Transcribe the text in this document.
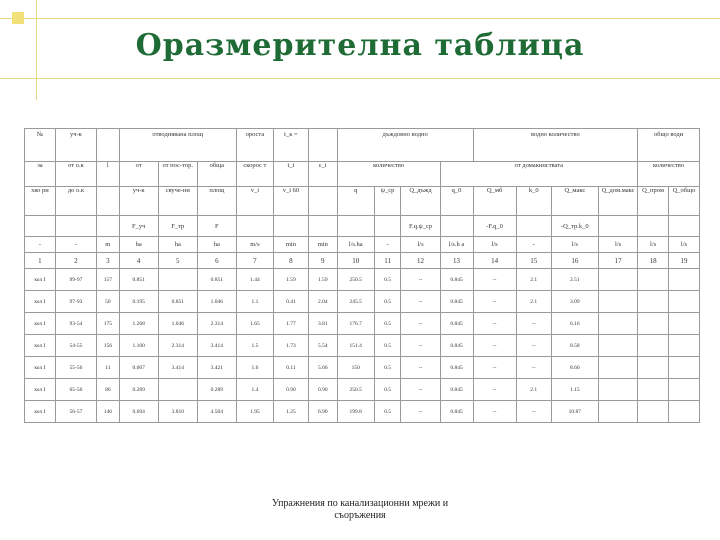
Оразмерителна таблица
№	уч-к		отводнявана площ			ороста	t_к =		дъждовно водно				водно количество				общо води	
за	от о.к	l	от	от пос-тор.	обща	скорос т	t_i	ε_i	количество			от домакинствата					количество	
хко ри	до о.к		уч-к	свуче-ни	площ	v_i	v_i 60		q	ψ_cp	Q_дъжд	q_0	Q_мб	k_0	Q_макс	Q_дом.макс	Q_пром	Q_общо
			F_уч	F_тр	F						F.q.ψ_ср		-F.q_0		-Q_тр.k_0			
-	-	m	ha	ha	ha	m/s	min	min	l/s.ha	-	l/s	l/s.h a	l/s	-	l/s	l/s	l/s	l/s
1	2	3	4	5	6	7	8	9	10	11	12	13	14	15	16	17	18	19
кол I	99-97	157	0.851		0.851	1.44	1.59	1.59	250.5	0.5	--	0.845	--	2.1	2.51			
кол I	97-93	50	0.195	0.851	1.046	1.1	0.41	2.04	245.5	0.5	--	0.845	--	2.1	3.09			
кол I	93-54	175	1.268	1.046	2.314	1.65	1.77	3.81	176.7	0.5	--	0.845	--	--	6.16			
кол I	54-55	156	1.100	2.314	3.414	1.5	1.73	5.54	151.4	0.5	--	0.845	--	--	8.58			
кол I	55-56	11	0.007	3.414	3.421	1.6	0.11	5.66	150	0.5	--	0.845	--	--	8.60			
кол I	65-56	86	0.289		0.289	1.4	0.90	0.90	250.5	0.5	--	0.845	--	2.1	1.15			
кол I	56-57	146	0.694	3.810	4.504	1.95	1.25	6.90	199.8	0.5	--	0.845	--	--	10.87			
Упражнения по канализационни мрежи и
съоръжения
